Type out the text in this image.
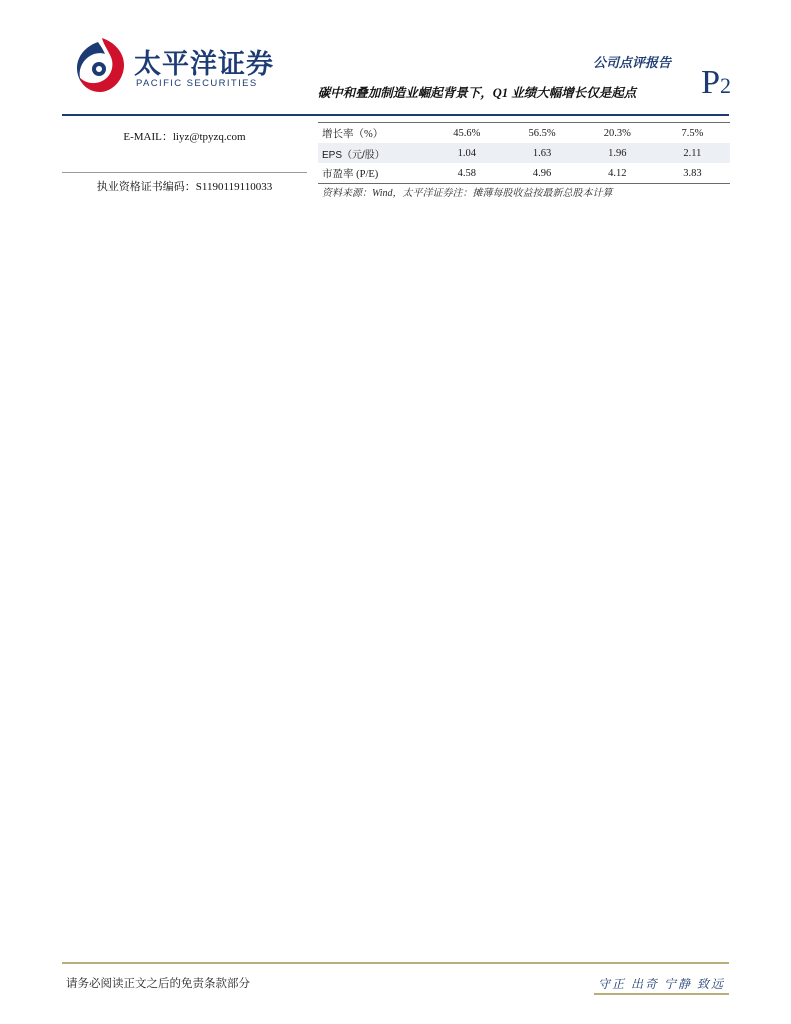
太平洋证券
PACIFIC SECURITIES
公司点评报告
碳中和叠加制造业崛起背景下，Q1 业绩大幅增长仅是起点	P2
E-MAIL：liyz@tpyzq.com
执业资格证书编码：S1190119110033
增长率（%）	45.6%	56.5%	20.3%	7.5%
EPS（元/股）	1.04	1.63	1.96	2.11
市盈率 (P/E)	4.58	4.96	4.12	3.83
资料来源：Wind，太平洋证券注：摊薄每股收益按最新总股本计算
请务必阅读正文之后的免责条款部分	守正 出奇 宁静 致远
